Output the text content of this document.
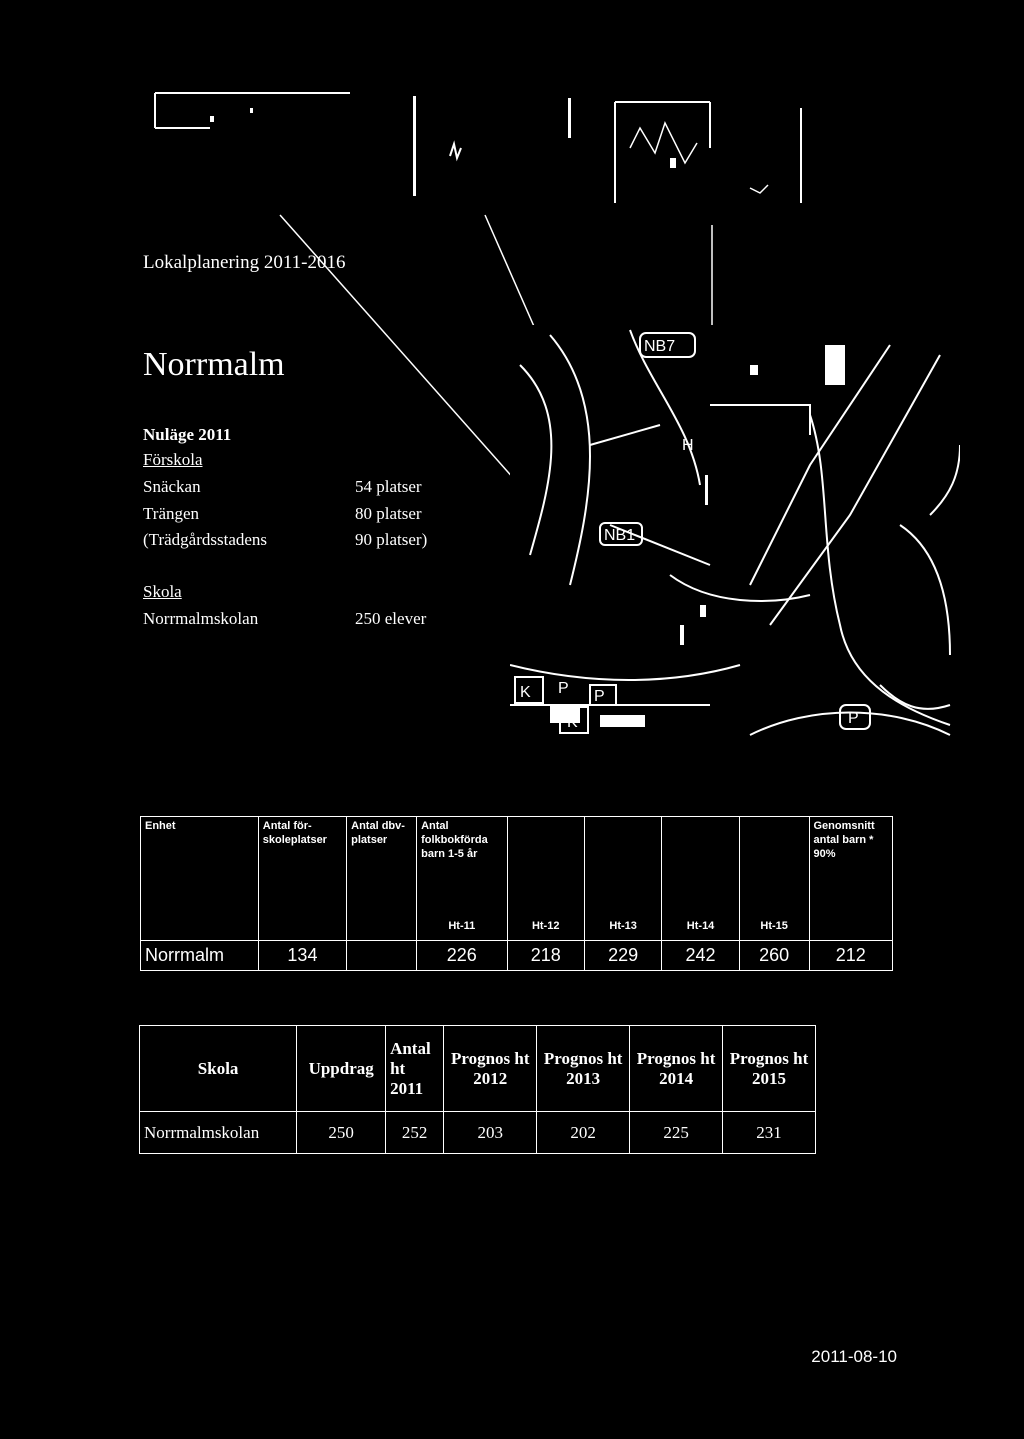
Lokalplanering 2011-2016
Norrmalm
Nuläge 2011
Förskola
Snäckan	54 platser
Trängen	80 platser
(Trädgårdsstadens	90 platser)
Skola
Norrmalmskolan	250 elever
NB7
NB1
H
K
K
P
P
P
Enhet	Antal för-skoleplatser	Antal dbv-platser	Antal folkbokförda barn 1-5 år					Genomsnitt antal barn * 90%
			Ht-11	Ht-12	Ht-13	Ht-14	Ht-15	
Norrmalm	134		226	218	229	242	260	212
Skola	Uppdrag	Antal ht 2011	Prognos ht 2012	Prognos ht 2013	Prognos ht 2014	Prognos ht 2015
Norrmalmskolan	250	252	203	202	225	231
2011-08-10
